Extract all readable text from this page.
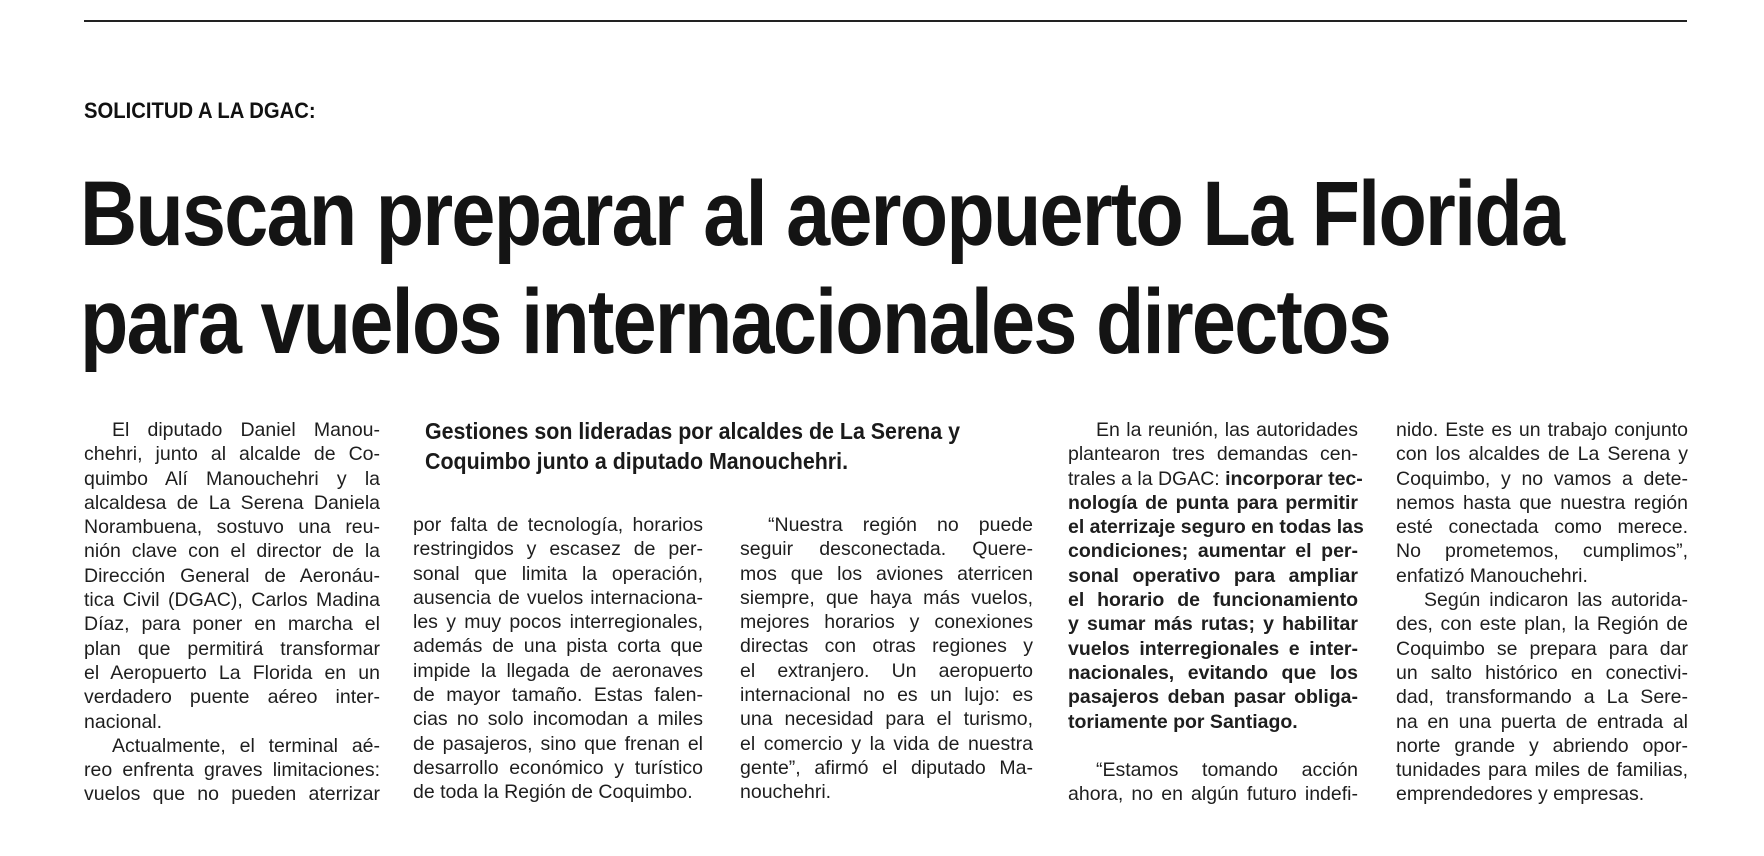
SOLICITUD A LA DGAC:
Buscan preparar al aeropuerto La Florida
para vuelos internacionales directos
El diputado Daniel Manou-
chehri, junto al alcalde de Co-
quimbo Alí Manouchehri y la
alcaldesa de La Serena Daniela
Norambuena, sostuvo una reu-
nión clave con el director de la
Dirección General de Aeronáu-
tica Civil (DGAC), Carlos Madina
Díaz, para poner en marcha el
plan que permitirá transformar
el Aeropuerto La Florida en un
verdadero puente aéreo inter-
nacional.
Actualmente, el terminal aé-
reo enfrenta graves limitaciones:
vuelos que no pueden aterrizar
Gestiones son lideradas por alcaldes de La Serena y
Coquimbo junto a diputado Manouchehri.
por falta de tecnología, horarios
restringidos y escasez de per-
sonal que limita la operación,
ausencia de vuelos internaciona-
les y muy pocos interregionales,
además de una pista corta que
impide la llegada de aeronaves
de mayor tamaño. Estas falen-
cias no solo incomodan a miles
de pasajeros, sino que frenan el
desarrollo económico y turístico
de toda la Región de Coquimbo.
“Nuestra región no puede
seguir desconectada. Quere-
mos que los aviones aterricen
siempre, que haya más vuelos,
mejores horarios y conexiones
directas con otras regiones y
el extranjero. Un aeropuerto
internacional no es un lujo: es
una necesidad para el turismo,
el comercio y la vida de nuestra
gente”, afirmó el diputado Ma-
nouchehri.
En la reunión, las autoridades
plantearon tres demandas cen-
trales a la DGAC: incorporar tec-
nología de punta para permitir
el aterrizaje seguro en todas las
condiciones; aumentar el per-
sonal operativo para ampliar
el horario de funcionamiento
y sumar más rutas; y habilitar
vuelos interregionales e inter-
nacionales, evitando que los
pasajeros deban pasar obliga-
toriamente por Santiago.
“Estamos tomando acción
ahora, no en algún futuro indefi-
nido. Este es un trabajo conjunto
con los alcaldes de La Serena y
Coquimbo, y no vamos a dete-
nemos hasta que nuestra región
esté conectada como merece.
No prometemos, cumplimos”,
enfatizó Manouchehri.
Según indicaron las autorida-
des, con este plan, la Región de
Coquimbo se prepara para dar
un salto histórico en conectivi-
dad, transformando a La Sere-
na en una puerta de entrada al
norte grande y abriendo opor-
tunidades para miles de familias,
emprendedores y empresas.
